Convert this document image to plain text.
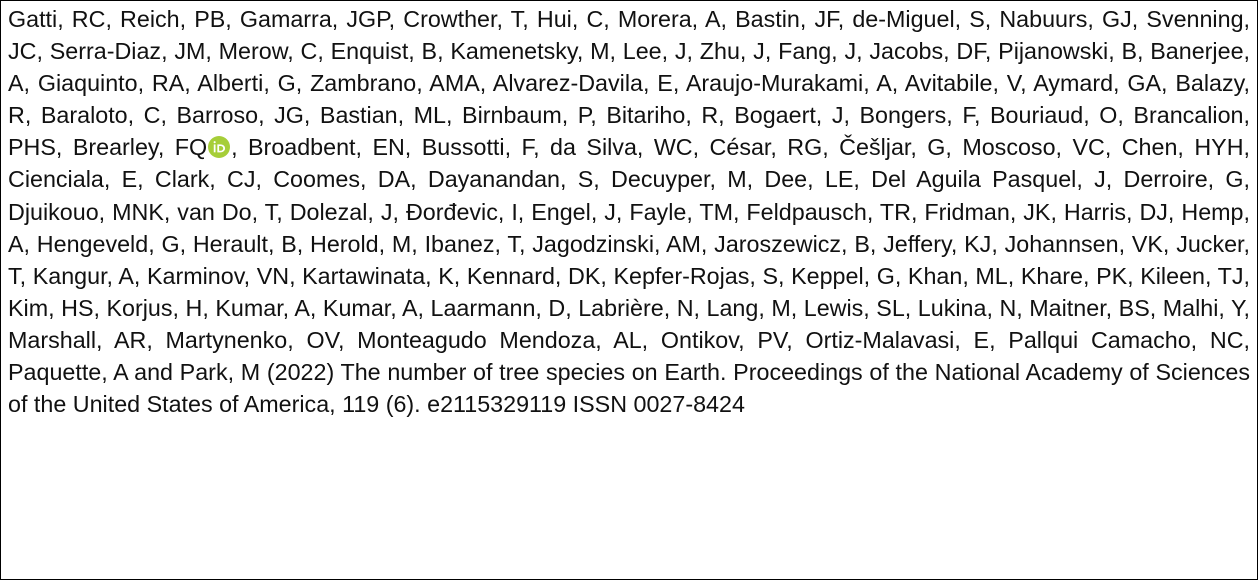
Gatti, RC, Reich, PB, Gamarra, JGP, Crowther, T, Hui, C, Morera, A, Bastin, JF, de-Miguel, S, Nabuurs, GJ, Svenning, JC, Serra-Diaz, JM, Merow, C, Enquist, B, Kamenetsky, M, Lee, J, Zhu, J, Fang, J, Jacobs, DF, Pijanowski, B, Banerjee, A, Giaquinto, RA, Alberti, G, Zambrano, AMA, Alvarez-Davila, E, Araujo-Murakami, A, Avitabile, V, Aymard, GA, Balazy, R, Baraloto, C, Barroso, JG, Bastian, ML, Birnbaum, P, Bitariho, R, Bogaert, J, Bongers, F, Bouriaud, O, Brancalion, PHS, Brearley, FQ , Broadbent, EN, Bussotti, F, da Silva, WC, César, RG, Češljar, G, Moscoso, VC, Chen, HYH, Cienciala, E, Clark, CJ, Coomes, DA, Dayanandan, S, Decuyper, M, Dee, LE, Del Aguila Pasquel, J, Derroire, G, Djuikouo, MNK, van Do, T, Dolezal, J, Đorđevic, I, Engel, J, Fayle, TM, Feldpausch, TR, Fridman, JK, Harris, DJ, Hemp, A, Hengeveld, G, Herault, B, Herold, M, Ibanez, T, Jagodzinski, AM, Jaroszewicz, B, Jeffery, KJ, Johannsen, VK, Jucker, T, Kangur, A, Karminov, VN, Kartawinata, K, Kennard, DK, Kepfer-Rojas, S, Keppel, G, Khan, ML, Khare, PK, Kileen, TJ, Kim, HS, Korjus, H, Kumar, A, Kumar, A, Laarmann, D, Labrière, N, Lang, M, Lewis, SL, Lukina, N, Maitner, BS, Malhi, Y, Marshall, AR, Martynenko, OV, Monteagudo Mendoza, AL, Ontikov, PV, Ortiz-Malavasi, E, Pallqui Camacho, NC, Paquette, A and Park, M (2022) The number of tree species on Earth. Proceedings of the National Academy of Sciences of the United States of America, 119 (6). e2115329119 ISSN 0027-8424
